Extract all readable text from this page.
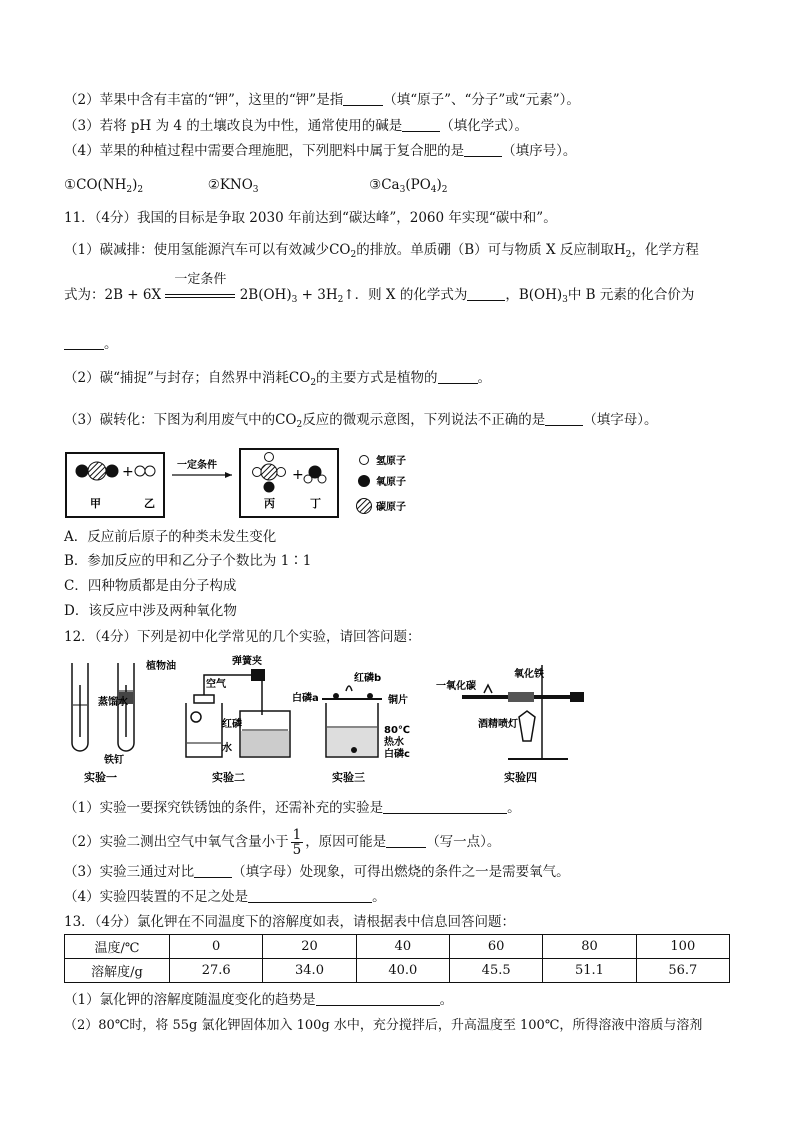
（2）苹果中含有丰富的“钾”，这里的“钾”是指	（填“原子”、“分子”或“元素”）。
（3）若将 pH 为 4 的土壤改良为中性，通常使用的碱是	（填化学式）。
（4）苹果的种植过程中需要合理施肥，下列肥料中属于复合肥的是	（填序号）。
$①CO(NH_2)_2$	$②KNO_3$	$③Ca_3(PO_4)_2$
11．（4分）我国的目标是争取 2030 年前达到“碳达峰”，2060 年实现“碳中和”。
（1）碳减排：使用氢能源汽车可以有效减少$CO_2$的排放。单质硼（B）可与物质 X 反应制取$H_2$，化学方程
式为：2B + 6X
一定条件
$2B(OH)_3$ + $3H_2↑$．则 X 的化学式为	，$B(OH)_3$中 B 元素的化合价为
。
（2）碳“捕捉”与封存；自然界中消耗$CO_2$的主要方式是植物的	。
（3）碳转化：下图为利用废气中的$CO_2$反应的微观示意图，下列说法不正确的是	（填字母）。
+
甲	乙
一定条件
+
丙	丁
氢原子
氧原子
碳原子
A．反应前后原子的种类未发生变化
B．参加反应的甲和乙分子个数比为 1∶1
C．四种物质都是由分子构成
D．该反应中涉及两种氧化物
12．（4分）下列是初中化学常见的几个实验，请回答问题：
蒸馏水
植物油
铁钉
实验一
弹簧夹
空气
红磷
水
实验二
白磷a
红磷b
铜片
80℃
热水
白磷c
实验三
一氧化碳
氧化铁
酒精喷灯
实验四
（1）实验一要探究铁锈蚀的条件，还需补充的实验是	。
（2）实验二测出空气中氧气含量小于 $\frac{1}{5}$ ，原因可能是	（写一点）。
（3）实验三通过对比	（填字母）处现象，可得出燃烧的条件之一是需要氧气。
（4）实验四装置的不足之处是	。
13．（4分）氯化钾在不同温度下的溶解度如表，请根据表中信息回答问题：
温度/℃	0	20	40	60	80	100
溶解度/g	27.6	34.0	40.0	45.5	51.1	56.7
（1）氯化钾的溶解度随温度变化的趋势是	。
（2）80℃时，将 55g 氯化钾固体加入 100g 水中，充分搅拌后，升高温度至 100℃，所得溶液中溶质与溶剂
